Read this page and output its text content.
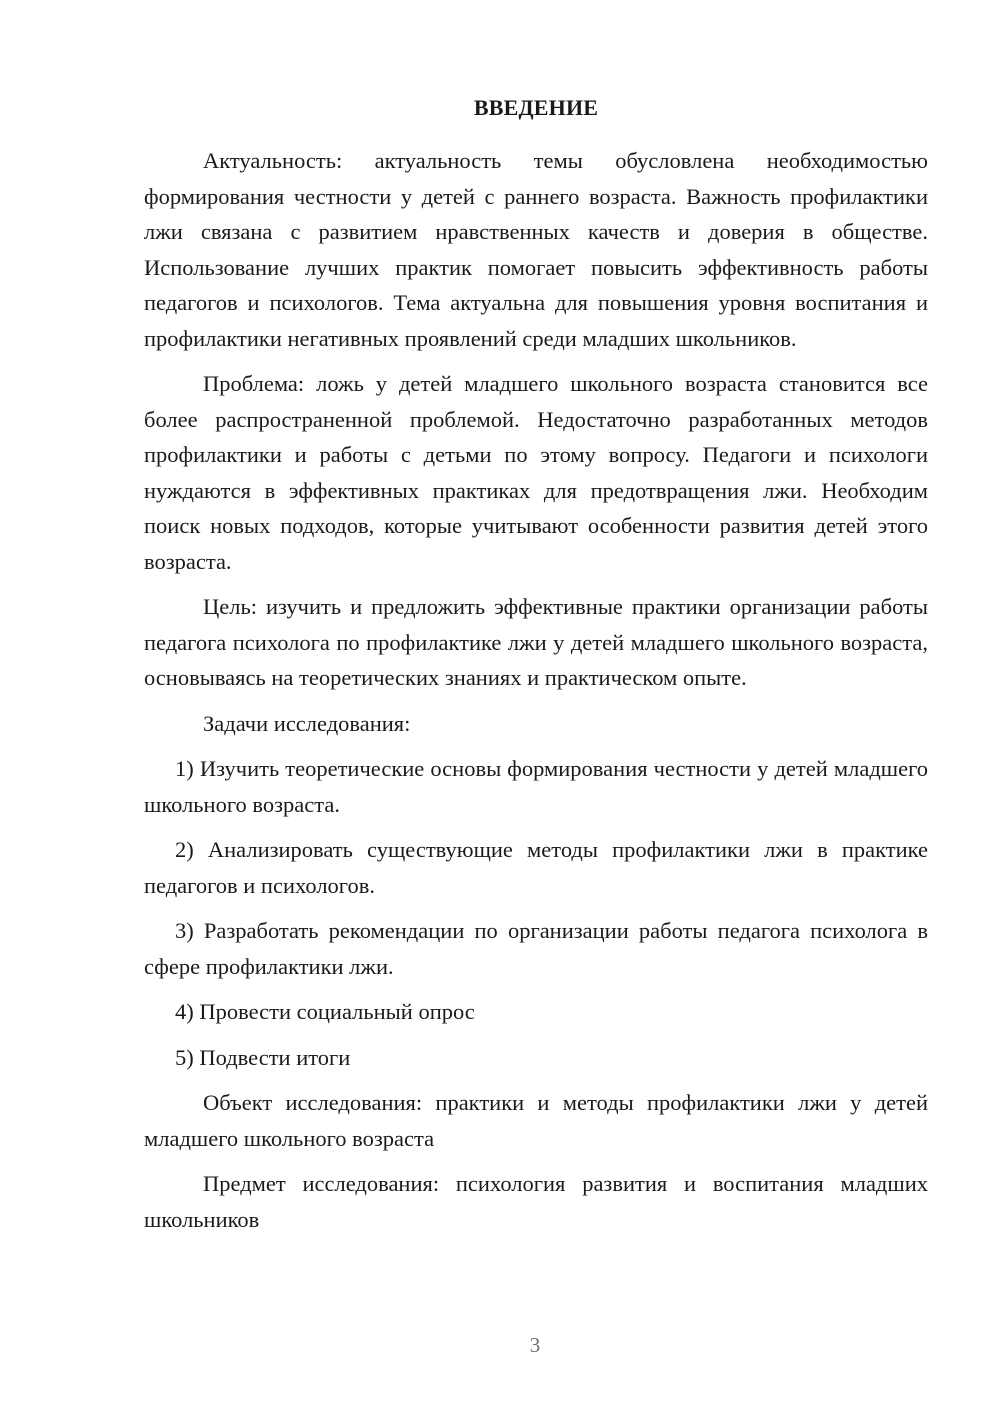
ВВЕДЕНИЕ

Актуальность: актуальность темы обусловлена необходимостью формирования честности у детей с раннего возраста. Важность профилактики лжи связана с развитием нравственных качеств и доверия в обществе. Использование лучших практик помогает повысить эффективность работы педагогов и психологов. Тема актуальна для повышения уровня воспитания и профилактики негативных проявлений среди младших школьников.

Проблема: ложь у детей младшего школьного возраста становится все более распространенной проблемой. Недостаточно разработанных методов профилактики и работы с детьми по этому вопросу. Педагоги и психологи нуждаются в эффективных практиках для предотвращения лжи. Необходим поиск новых подходов, которые учитывают особенности развития детей этого возраста.

Цель: изучить и предложить эффективные практики организации работы педагога психолога по профилактике лжи у детей младшего школьного возраста, основываясь на теоретических знаниях и практическом опыте.

Задачи исследования:

1) Изучить теоретические основы формирования честности у детей младшего школьного возраста.

2) Анализировать существующие методы профилактики лжи в практике педагогов и психологов.

3) Разработать рекомендации по организации работы педагога психолога в сфере профилактики лжи.

4) Провести социальный опрос

5) Подвести итоги

Объект исследования: практики и методы профилактики лжи у детей младшего школьного возраста

Предмет исследования: психология развития и воспитания младших школьников

3
